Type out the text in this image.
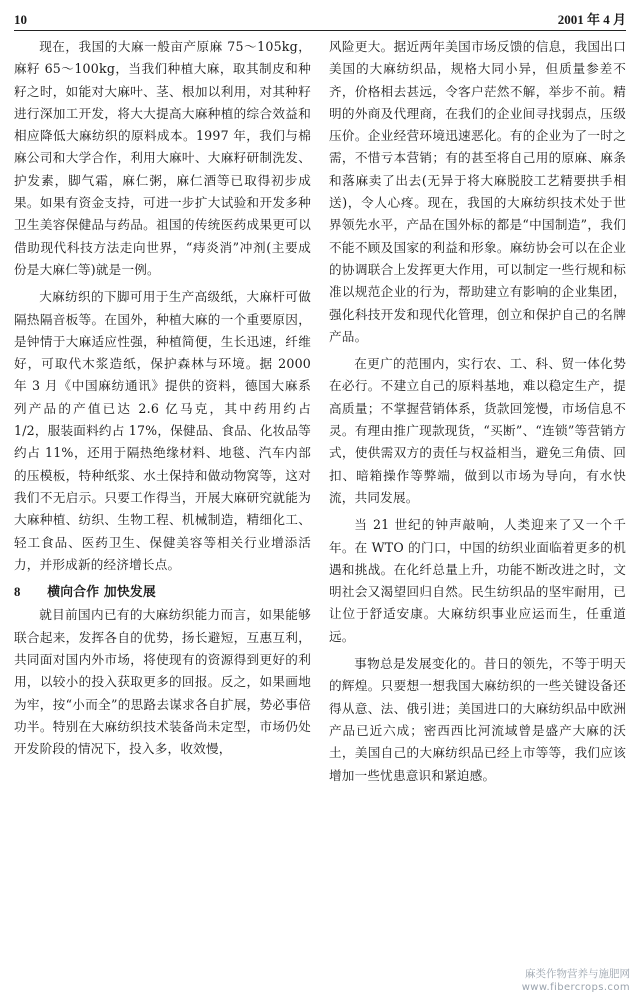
10	2001 年 4 月

现在，我国的大麻一般亩产原麻 75～105kg，麻籽 65～100kg，当我们种植大麻，取其制皮和种籽之时，如能对大麻叶、茎、根加以利用，对其种籽进行深加工开发，将大大提高大麻种植的综合效益和相应降低大麻纺织的原料成本。1997 年，我们与棉麻公司和大学合作，利用大麻叶、大麻籽研制洗发、护发素，脚气霜，麻仁粥，麻仁酒等已取得初步成果。如果有资金支持，可进一步扩大试验和开发多种卫生美容保健品与药品。祖国的传统医药成果更可以借助现代科技方法走向世界，“痔炎消”冲剂(主要成份是大麻仁等)就是一例。

大麻纺织的下脚可用于生产高级纸，大麻杆可做隔热隔音板等。在国外，种植大麻的一个重要原因，是钟情于大麻适应性强，种植简便，生长迅速，纤维好，可取代木浆造纸，保护森林与环境。据 2000 年 3 月《中国麻纺通讯》提供的资料，德国大麻系列产品的产值已达 2.6 亿马克，其中药用约占 1/2，服装面料约占 17%，保健品、食品、化妆品等约占 11%，还用于隔热绝缘材料、地毯、汽车内部的压模板，特种纸浆、水土保持和做动物窝等，这对我们不无启示。只要工作得当，开展大麻研究就能为大麻种植、纺织、生物工程、机械制造，精细化工、轻工食品、医药卫生、保健美容等相关行业增添活力，并形成新的经济增长点。

8 横向合作 加快发展

就目前国内已有的大麻纺织能力而言，如果能够联合起来，发挥各自的优势，扬长避短，互惠互利，共同面对国内外市场，将使现有的资源得到更好的利用，以较小的投入获取更多的回报。反之，如果画地为牢，按“小而全”的思路去谋求各自扩展，势必事倍功半。特别在大麻纺织技术装备尚未定型，市场仍处开发阶段的情况下，投入多，收效慢，

风险更大。据近两年美国市场反馈的信息，我国出口美国的大麻纺织品，规格大同小异，但质量参差不齐，价格相去甚远，令客户茫然不解，举步不前。精明的外商及代理商，在我们的企业间寻找弱点，压级压价。企业经营环境迅速恶化。有的企业为了一时之需，不惜亏本营销；有的甚至将自己用的原麻、麻条和落麻卖了出去(无异于将大麻脱胶工艺精要拱手相送)，令人心疼。现在，我国的大麻纺织技术处于世界领先水平，产品在国外标的都是“中国制造”，我们不能不顾及国家的利益和形象。麻纺协会可以在企业的协调联合上发挥更大作用，可以制定一些行规和标准以规范企业的行为，帮助建立有影响的企业集团，强化科技开发和现代化管理，创立和保护自己的名牌产品。

在更广的范围内，实行农、工、科、贸一体化势在必行。不建立自己的原料基地，难以稳定生产，提高质量；不掌握营销体系，货款回笼慢，市场信息不灵。有理由推广现款现货，“买断”、“连锁”等营销方式，使供需双方的责任与权益相当，避免三角债、回扣、暗箱操作等弊端，做到以市场为导向，有水快流，共同发展。

当 21 世纪的钟声敲响，人类迎来了又一个千年。在 WTO 的门口，中国的纺织业面临着更多的机遇和挑战。在化纤总量上升，功能不断改进之时，文明社会又渴望回归自然。民生纺织品的坚牢耐用，已让位于舒适安康。大麻纺织事业应运而生，任重道远。

事物总是发展变化的。昔日的领先，不等于明天的辉煌。只要想一想我国大麻纺织的一些关键设备还得从意、法、俄引进；美国进口的大麻纺织品中欧洲产品已近六成；密西西比河流域曾是盛产大麻的沃土，美国自己的大麻纺织品已经上市等等，我们应该增加一些忧患意识和紧迫感。

麻类作物营养与施肥网
www.fibercrops.com
